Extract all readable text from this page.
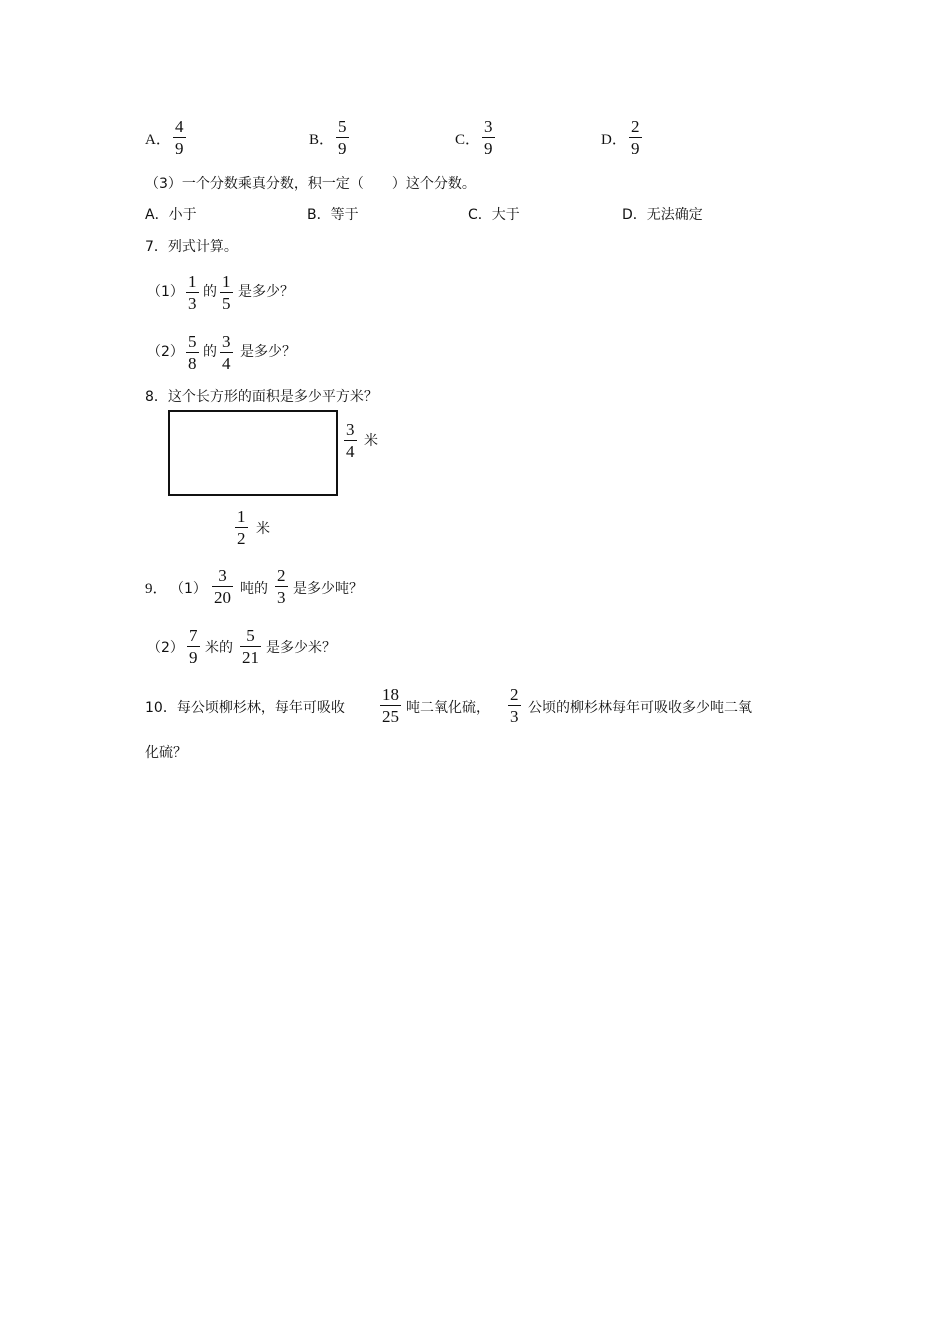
A．
4
9	B．
5
9	C．
3
9	D．
2
9
（3）一个分数乘真分数，积一定（　　）这个分数。
A．小于	B．等于	C．大于	D．无法确定
7．列式计算。
（1）
1
3
的
1
5
是多少？
（2）
5
8
的
3
4
是多少？
8．这个长方形的面积是多少平方米？
3
4
米
1
2 米
9． （1）
3
20 吨的
2
3 是多少吨？
（2）
7
9 米的
5
21 是多少米？
10．每公顷柳杉林，每年可吸收
18
25 吨二氧化硫，
2
3 公顷的柳杉林每年可吸收多少吨二氧
化硫？
